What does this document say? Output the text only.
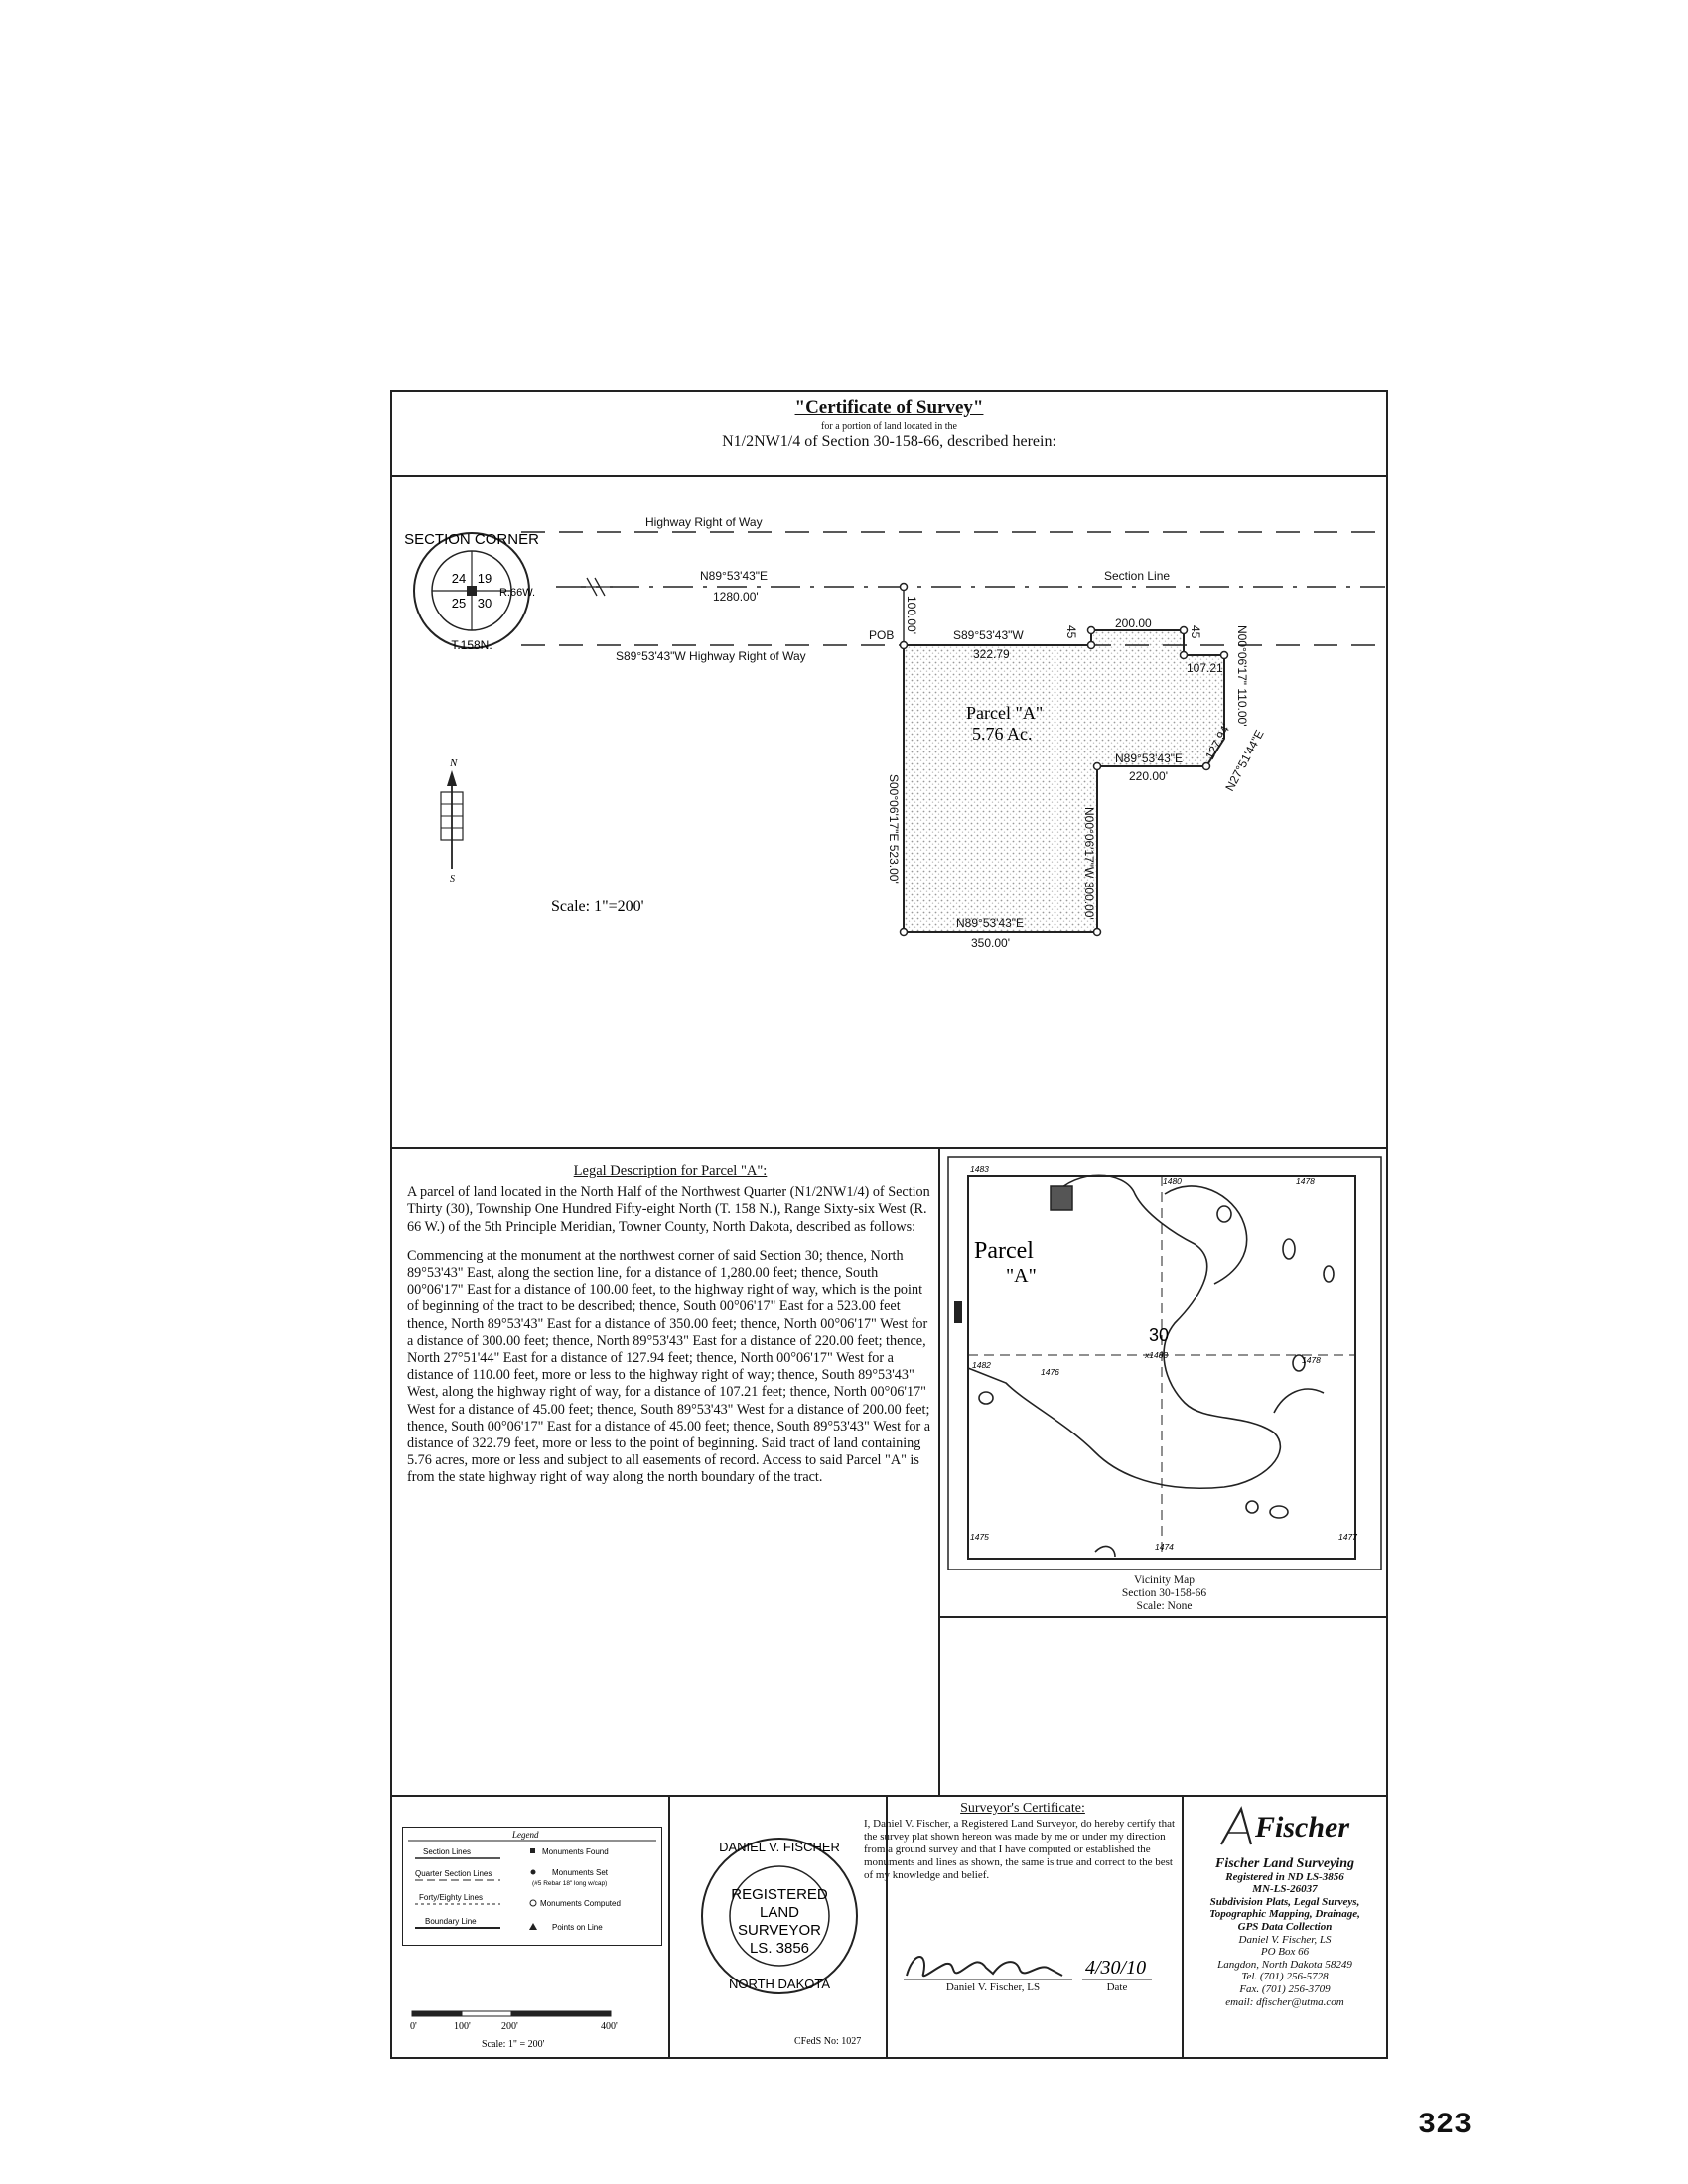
"Certificate of Survey"
for a portion of land located in the
N1/2NW1/4 of Section 30-158-66, described herein:
SECTION CORNER
T.158N.
R.66W.
24 19
25 30
Highway Right of Way
N89°53'43"E
1280.00'
Section Line
POB
S89°53'43"W Highway Right of Way
100.00'
S89°53'43"W
322.79
45
200.00
45
107.21 N00°06'17" 110.00'
127.94'
N27°51'44"E
N89°53'43"E
220.00'
S00°06'17"E 523.00'	N00°06'17"W 300.00'
N89°53'43"E
350.00'
Parcel "A"
5.76 Ac.
N
S
Scale: 1"=200'
Legal Description for Parcel "A":

A parcel of land located in the North Half of the Northwest Quarter (N1/2NW1/4) of Section Thirty (30), Township One Hundred Fifty-eight North (T. 158 N.), Range Sixty-six West (R. 66 W.) of the 5th Principle Meridian, Towner County, North Dakota, described as follows:

Commencing at the monument at the northwest corner of said Section 30; thence, North 89°53'43" East, along the section line, for a distance of 1,280.00 feet; thence, South 00°06'17" East for a distance of 100.00 feet, to the highway right of way, which is the point of beginning of the tract to be described; thence, South 00°06'17" East for a 523.00 feet thence, North 89°53'43" East for a distance of 350.00 feet; thence, North 00°06'17" West for a distance of 300.00 feet; thence, North 89°53'43" East for a distance of 220.00 feet; thence, North 27°51'44" East for a distance of 127.94 feet; thence, North 00°06'17" West for a distance of 110.00 feet, more or less to the highway right of way; thence, South 89°53'43" West, along the highway right of way, for a distance of 107.21 feet; thence, North 00°06'17" West for a distance of 45.00 feet; thence, South 89°53'43" West for a distance of 200.00 feet; thence, South 00°06'17" East for a distance of 45.00 feet; thence, South 89°53'43" West for a distance of 322.79 feet, more or less to the point of beginning. Said tract of land containing 5.76 acres, more or less and subject to all easements of record. Access to said Parcel "A" is from the state highway right of way along the north boundary of the tract.

Parcel
"A"
30
1483
1480	1478
1482
1476
x1483	1478
1475
1474
1477
Vicinity Map
Section 30-158-66
Scale: None
Legend
Section Lines
Quarter Section Lines
Forty/Eighty Lines
Boundary Line
Monuments Found
Monuments Set
(#5 Rebar 18" long w/cap)
Monuments Computed
Points on Line
0'	100'	200'	400'
Scale: 1" = 200'
DANIEL V. FISCHER
NORTH DAKOTA
REGISTERED
LAND
SURVEYOR
LS. 3856
CFedS No: 1027
Surveyor's Certificate:
I, Daniel V. Fischer, a Registered Land Surveyor, do hereby certify that the survey plat shown hereon was made by me or under my direction from a ground survey and that I have computed or established the monuments and lines as shown, the same is true and correct to the best of my knowledge and belief.
4/30/10
Daniel V. Fischer, LS	Date
Fischer
Fischer Land Surveying
Registered in ND LS-3856
MN-LS-26037
Subdivision Plats, Legal Surveys,
Topographic Mapping, Drainage,
GPS Data Collection
Daniel V. Fischer, LS
PO Box 66
Langdon, North Dakota 58249
Tel. (701) 256-5728
Fax. (701) 256-3709
email: dfischer@utma.com
323
